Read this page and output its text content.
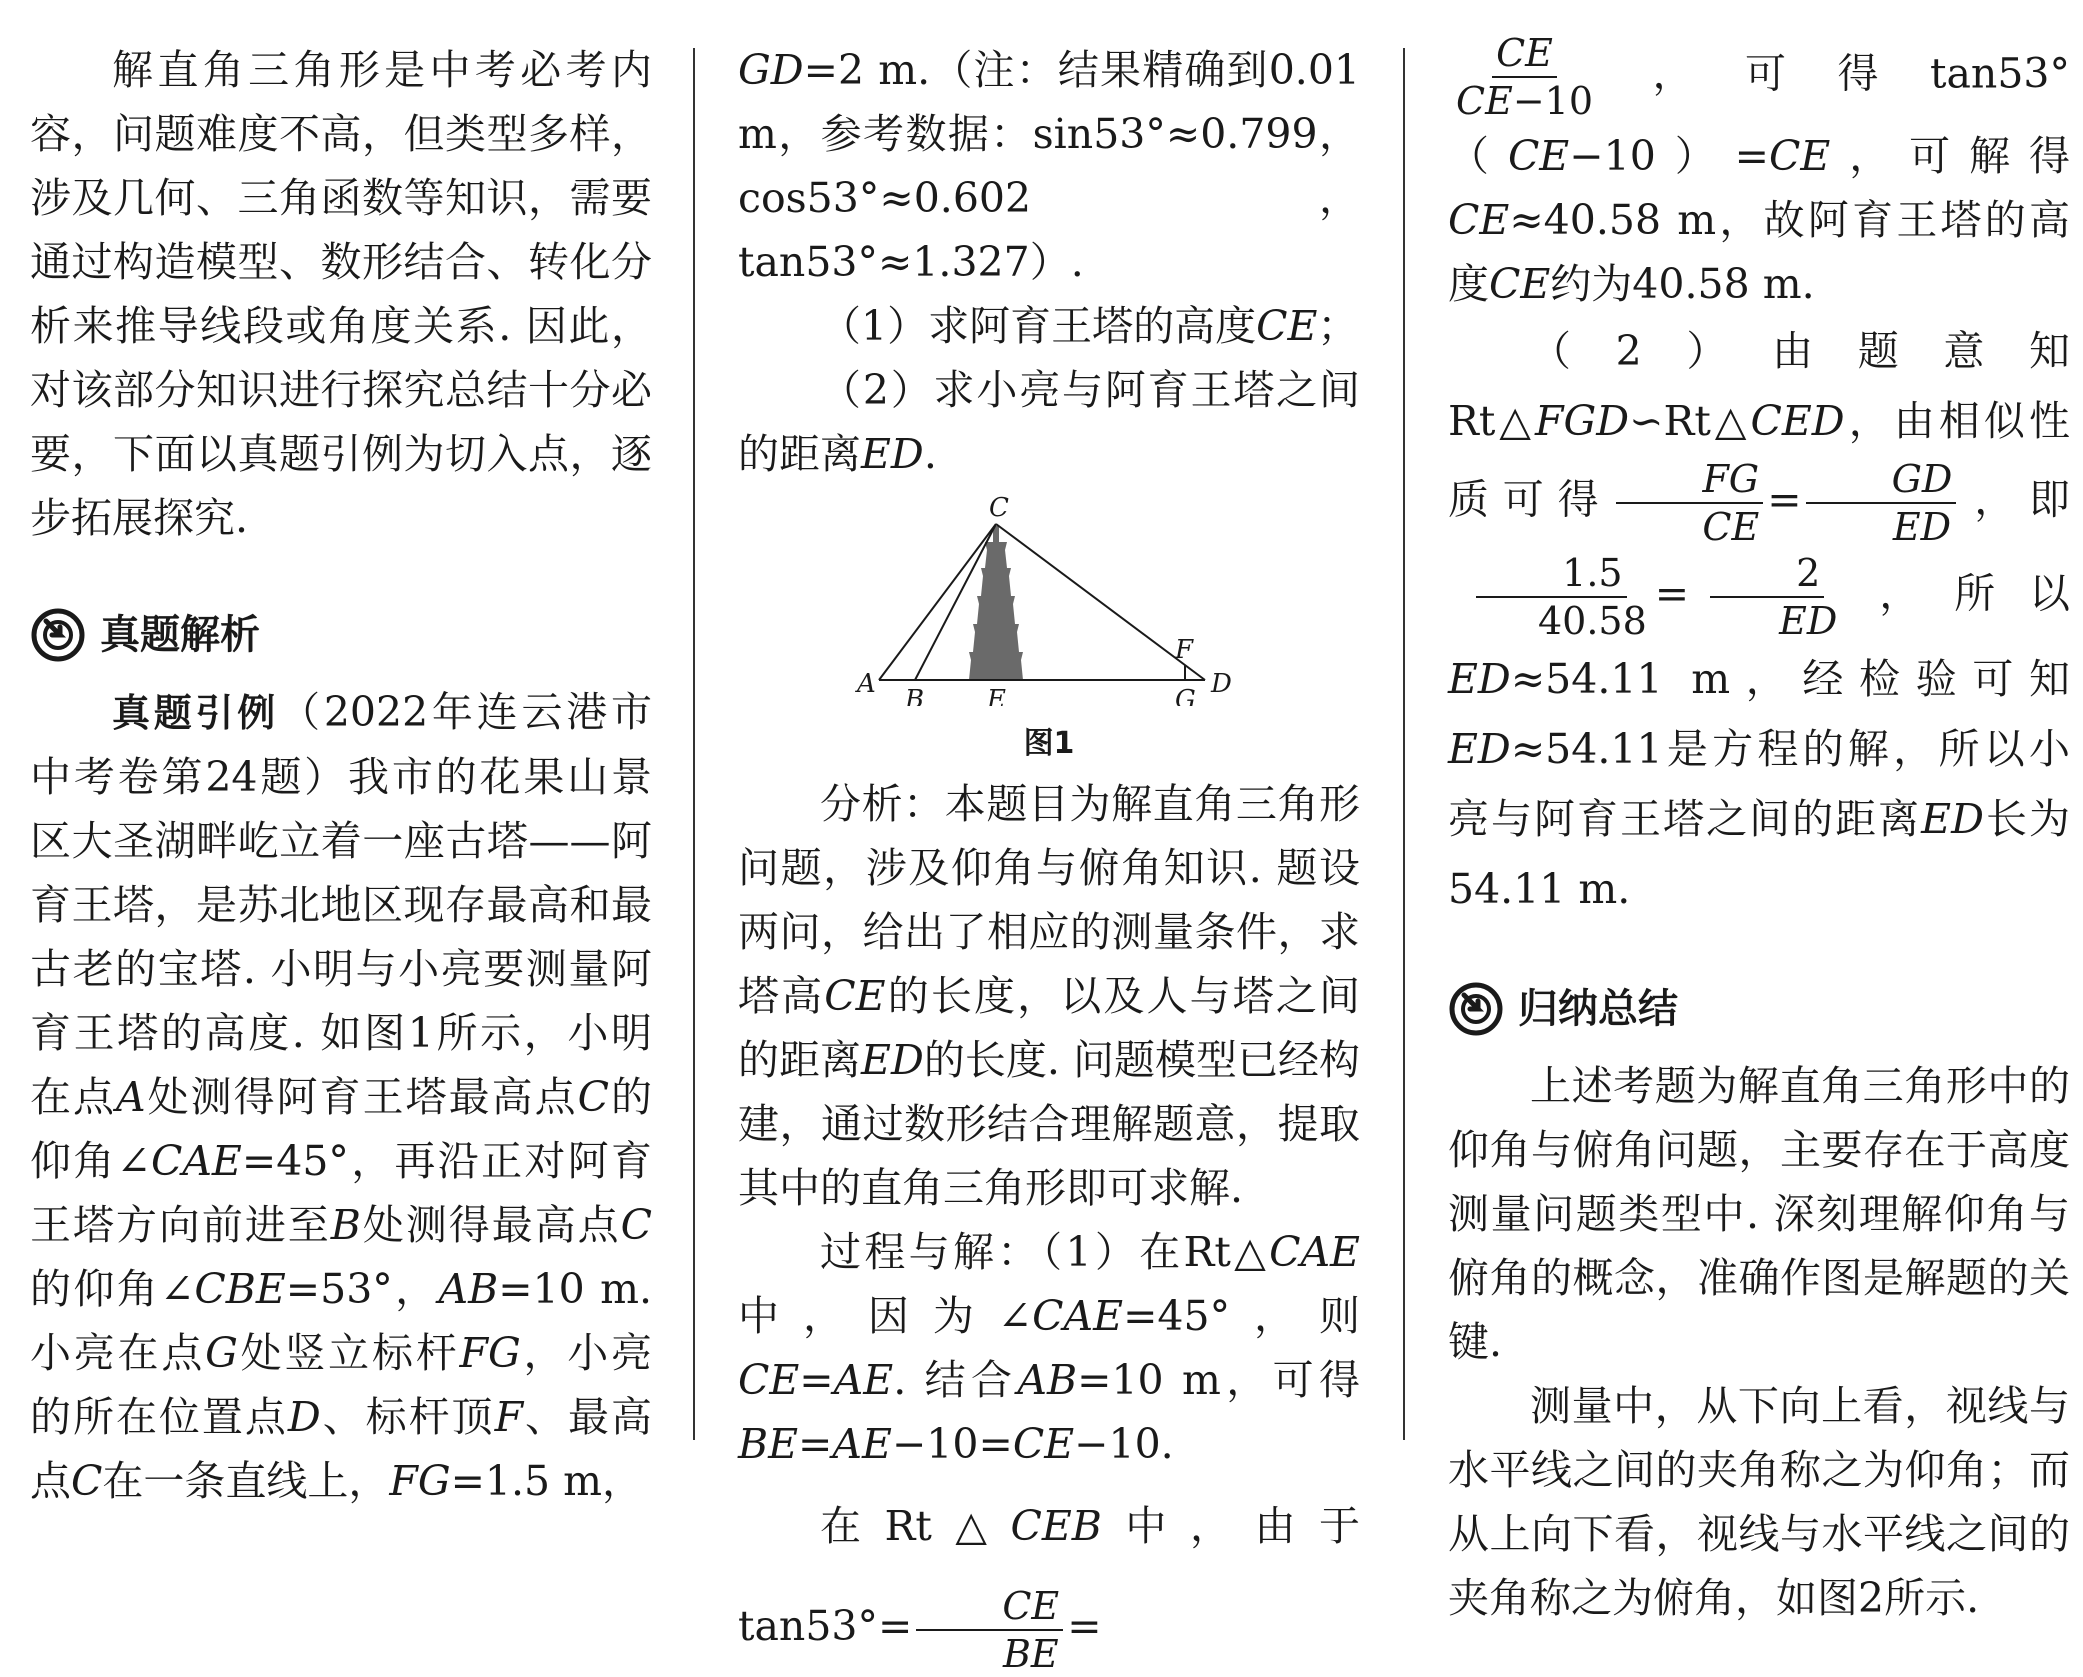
解直角三角形是中考必考内容，问题难度不高，但类型多样，涉及几何、三角函数等知识，需要通过构造模型、数形结合、转化分析来推导线段或角度关系. 因此，对该部分知识进行探究总结十分必要，下面以真题引例为切入点，逐步拓展探究.

真题解析

真题引例（2022年连云港市中考卷第24题）我市的花果山景区大圣湖畔屹立着一座古塔——阿育王塔，是苏北地区现存最高和最古老的宝塔. 小明与小亮要测量阿育王塔的高度. 如图1所示，小明在点A处测得阿育王塔最高点C的仰角∠CAE=45°，再沿正对阿育王塔方向前进至B处测得最高点C的仰角∠CBE=53°，AB=10 m. 小亮在点G处竖立标杆FG，小亮的所在位置点D、标杆顶F、最高点C在一条直线上，FG=1.5 m，

GD=2 m.（注：结果精确到0.01 m，参考数据：sin53°≈0.799，cos53°≈0.602，tan53°≈1.327）.

（1）求阿育王塔的高度CE；

（2）求小亮与阿育王塔之间的距离ED.

C
A
B E	G
D
F
图1

分析：本题目为解直角三角形问题，涉及仰角与俯角知识. 题设两问，给出了相应的测量条件，求塔高CE的长度，以及人与塔之间的距离ED的长度. 问题模型已经构建，通过数形结合理解题意，提取其中的直角三角形即可求解.

过程与解：（1）在Rt△CAE中，因为∠CAE=45°，则CE=AE. 结合AB=10 m，可得BE=AE−10=CE−10.

在Rt△CEB中，由于$\tan 53^\circ= \frac{CE}{BE}$ =

$\frac{CE}{CE-10}$ ，可得tan53°（CE−10）=CE，可解得CE≈40.58 m，故阿育王塔的高度CE约为40.58 m.

（2）由题意知Rt△FGD∽Rt△CED，由相似性质可得 $\frac{FG}{CE} = \frac{GD}{ED}$ ，即
$\frac{1.5}{40.58} = \frac{2}{ED}$ ，所以ED≈54.11 m，经检验可知ED≈54.11是方程的解，所以小亮与阿育王塔之间的距离ED长为54.11 m.

归纳总结

上述考题为解直角三角形中的仰角与俯角问题，主要存在于高度测量问题类型中. 深刻理解仰角与俯角的概念，准确作图是解题的关键.

测量中，从下向上看，视线与水平线之间的夹角称之为仰角；而从上向下看，视线与水平线之间的夹角称之为俯角，如图2所示.
